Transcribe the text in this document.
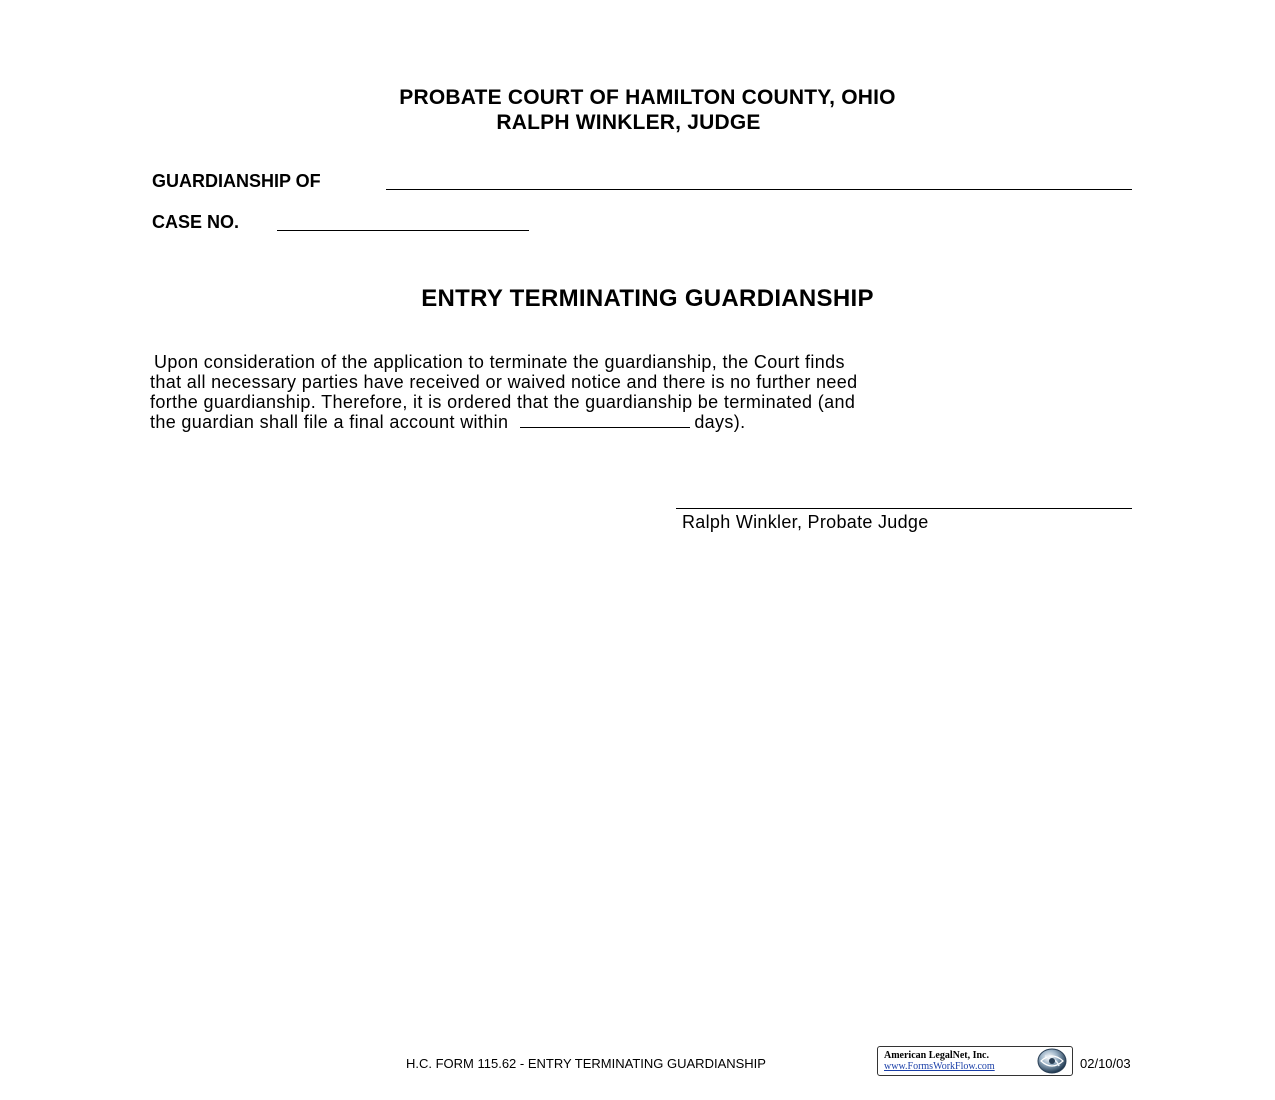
PROBATE COURT OF HAMILTON COUNTY, OHIO
RALPH WINKLER, JUDGE
GUARDIANSHIP OF
CASE NO.
ENTRY TERMINATING GUARDIANSHIP
Upon consideration of the application to terminate the guardianship, the Court finds
that all necessary parties have received or waived notice and there is no further need
forthe guardianship. Therefore, it is ordered that the guardianship be terminated (and
the guardian shall file a final account within	days).
Ralph Winkler, Probate Judge
H.C. FORM 115.62 - ENTRY TERMINATING GUARDIANSHIP
American LegalNet, Inc.
www.FormsWorkFlow.com	02/10/03
